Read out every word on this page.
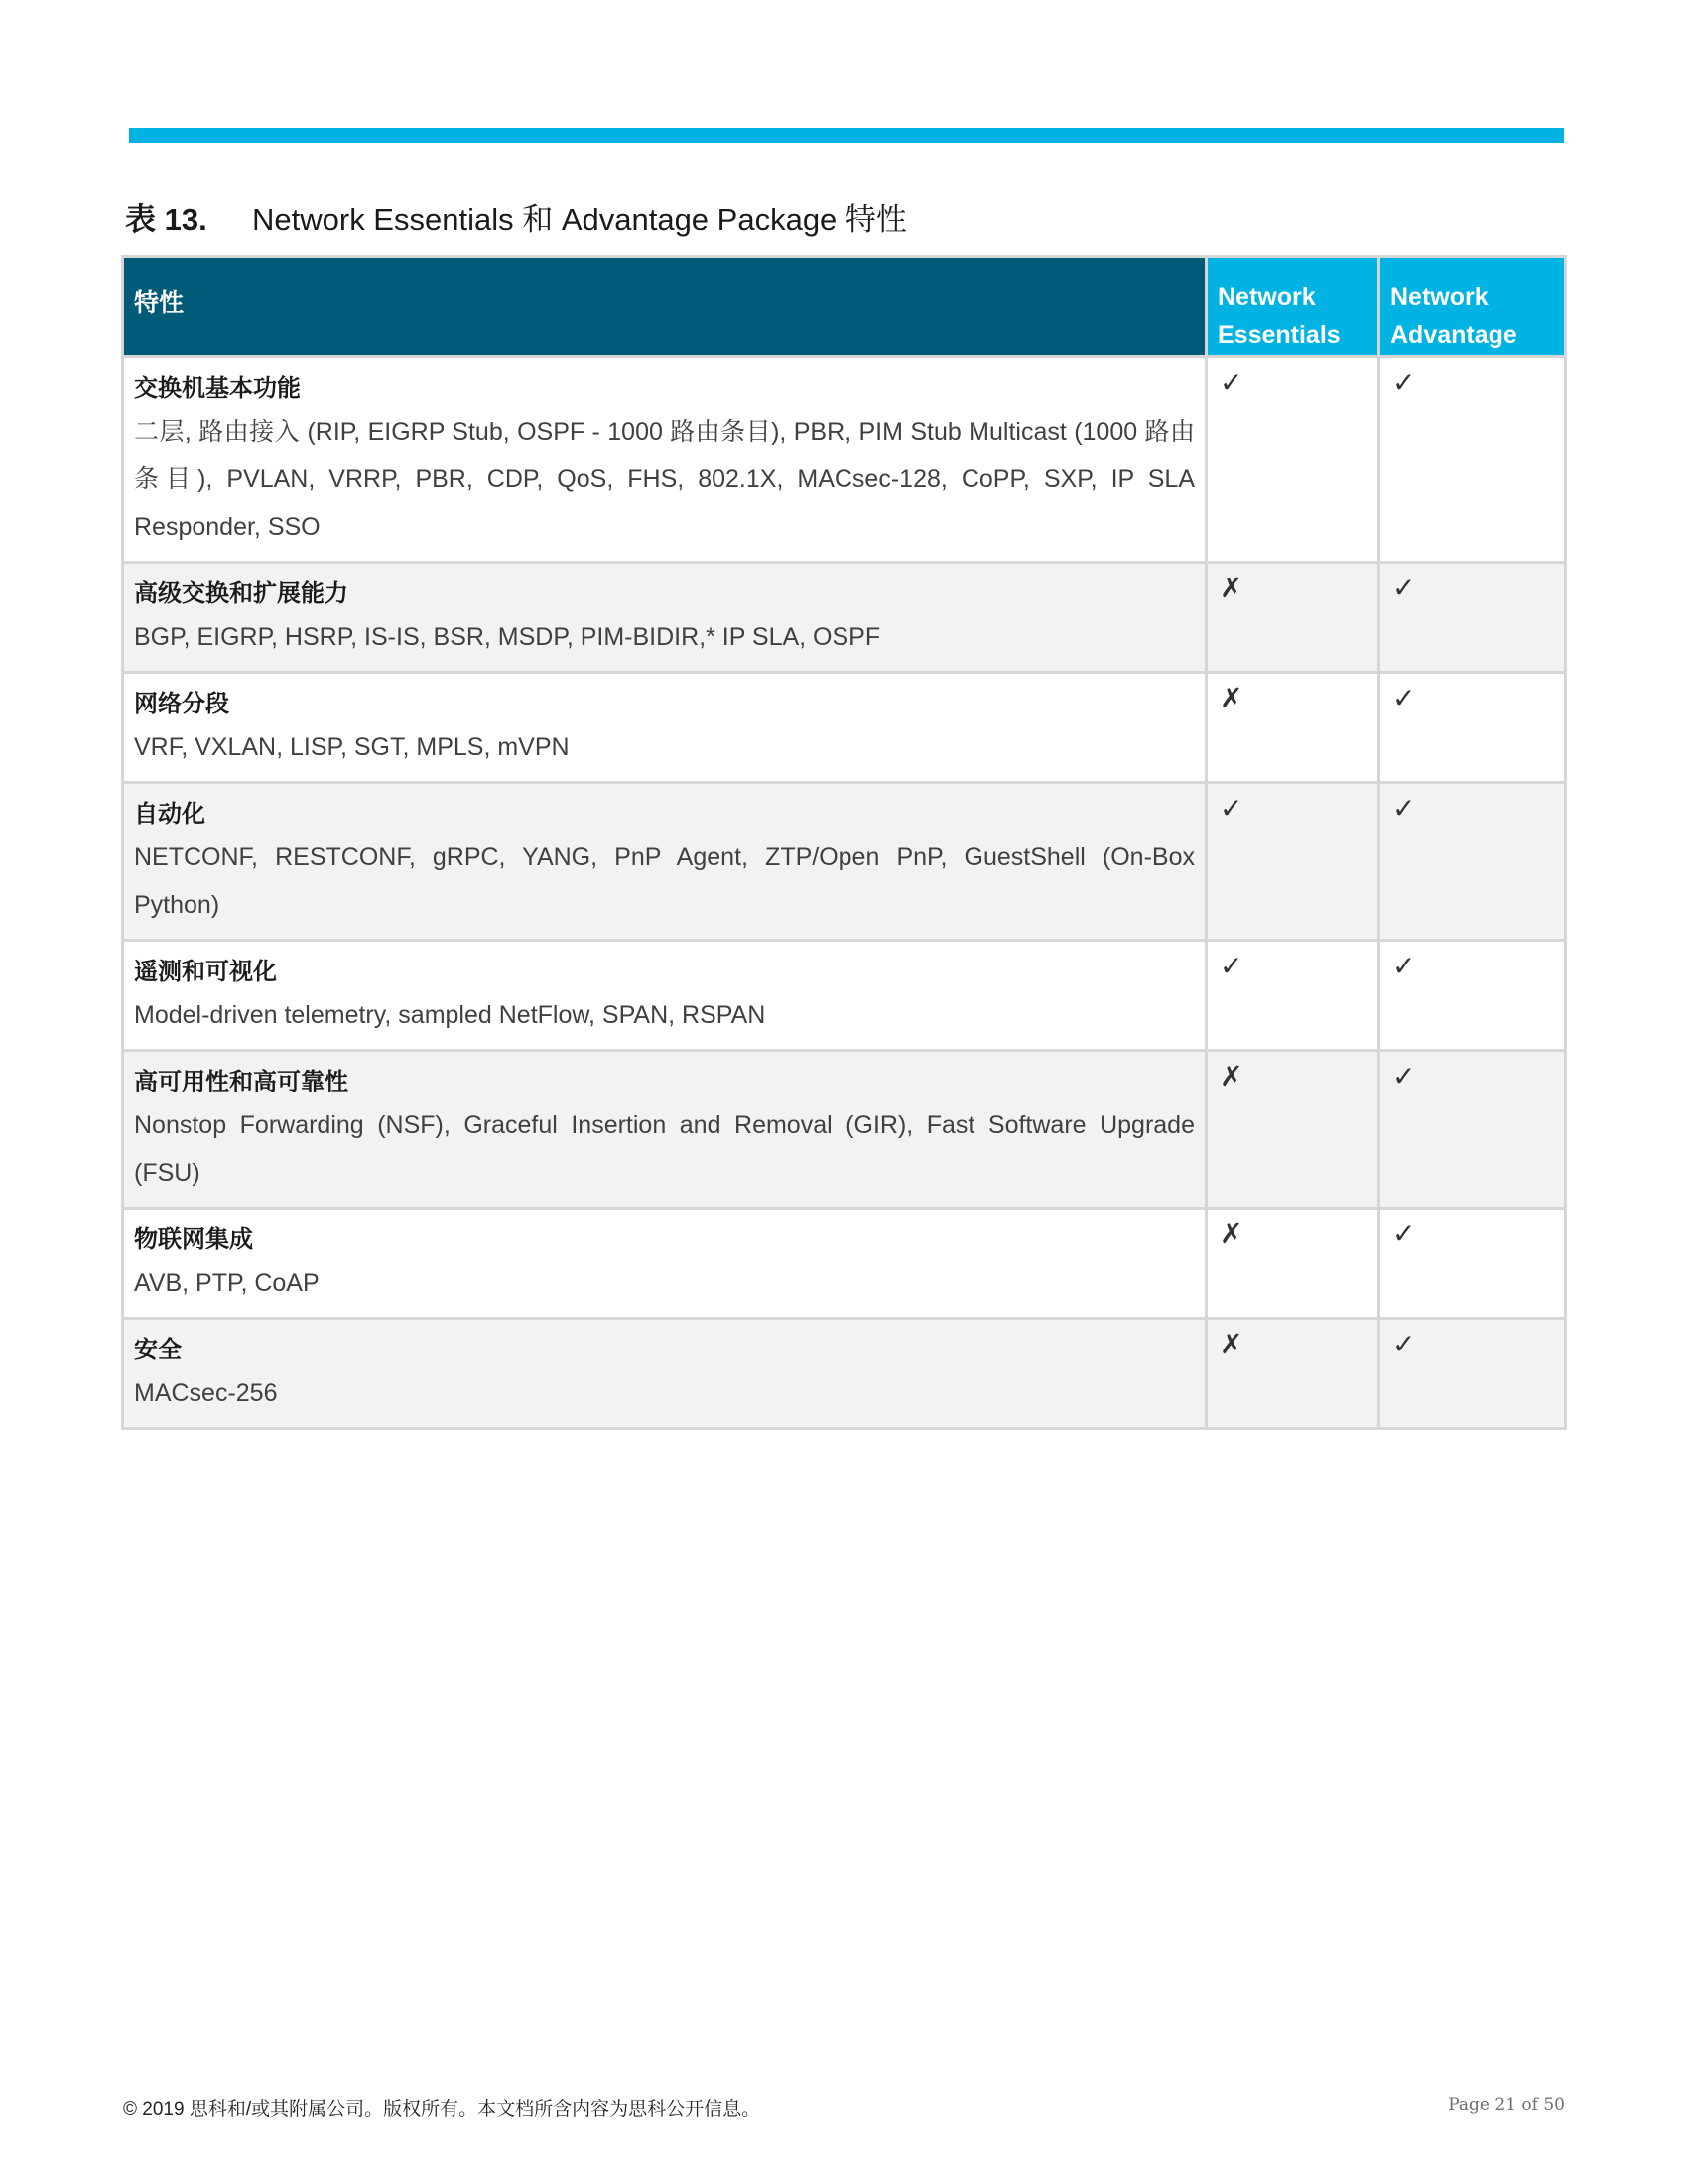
表 13. Network Essentials 和 Advantage Package 特性
特性	Network Essentials	Network Advantage

交换机基本功能
二层, 路由接入 (RIP, EIGRP Stub, OSPF - 1000 路由条目), PBR, PIM Stub Multicast (1000 路由条目), PVLAN, VRRP, PBR, CDP, QoS, FHS, 802.1X, MACsec-128, CoPP, SXP, IP SLA Responder, SSO	✓	✓

高级交换和扩展能力
BGP, EIGRP, HSRP, IS-IS, BSR, MSDP, PIM-BIDIR,* IP SLA, OSPF	✗	✓

网络分段
VRF, VXLAN, LISP, SGT, MPLS, mVPN	✗	✓

自动化
NETCONF, RESTCONF, gRPC, YANG, PnP Agent, ZTP/Open PnP, GuestShell (On-Box Python)	✓	✓

遥测和可视化
Model-driven telemetry, sampled NetFlow, SPAN, RSPAN	✓	✓

高可用性和高可靠性
Nonstop Forwarding (NSF), Graceful Insertion and Removal (GIR), Fast Software Upgrade (FSU)	✗	✓

物联网集成
AVB, PTP, CoAP	✗	✓

安全
MACsec-256	✗	✓
© 2019 思科和/或其附属公司。版权所有。本文档所含内容为思科公开信息。	Page 21 of 50
